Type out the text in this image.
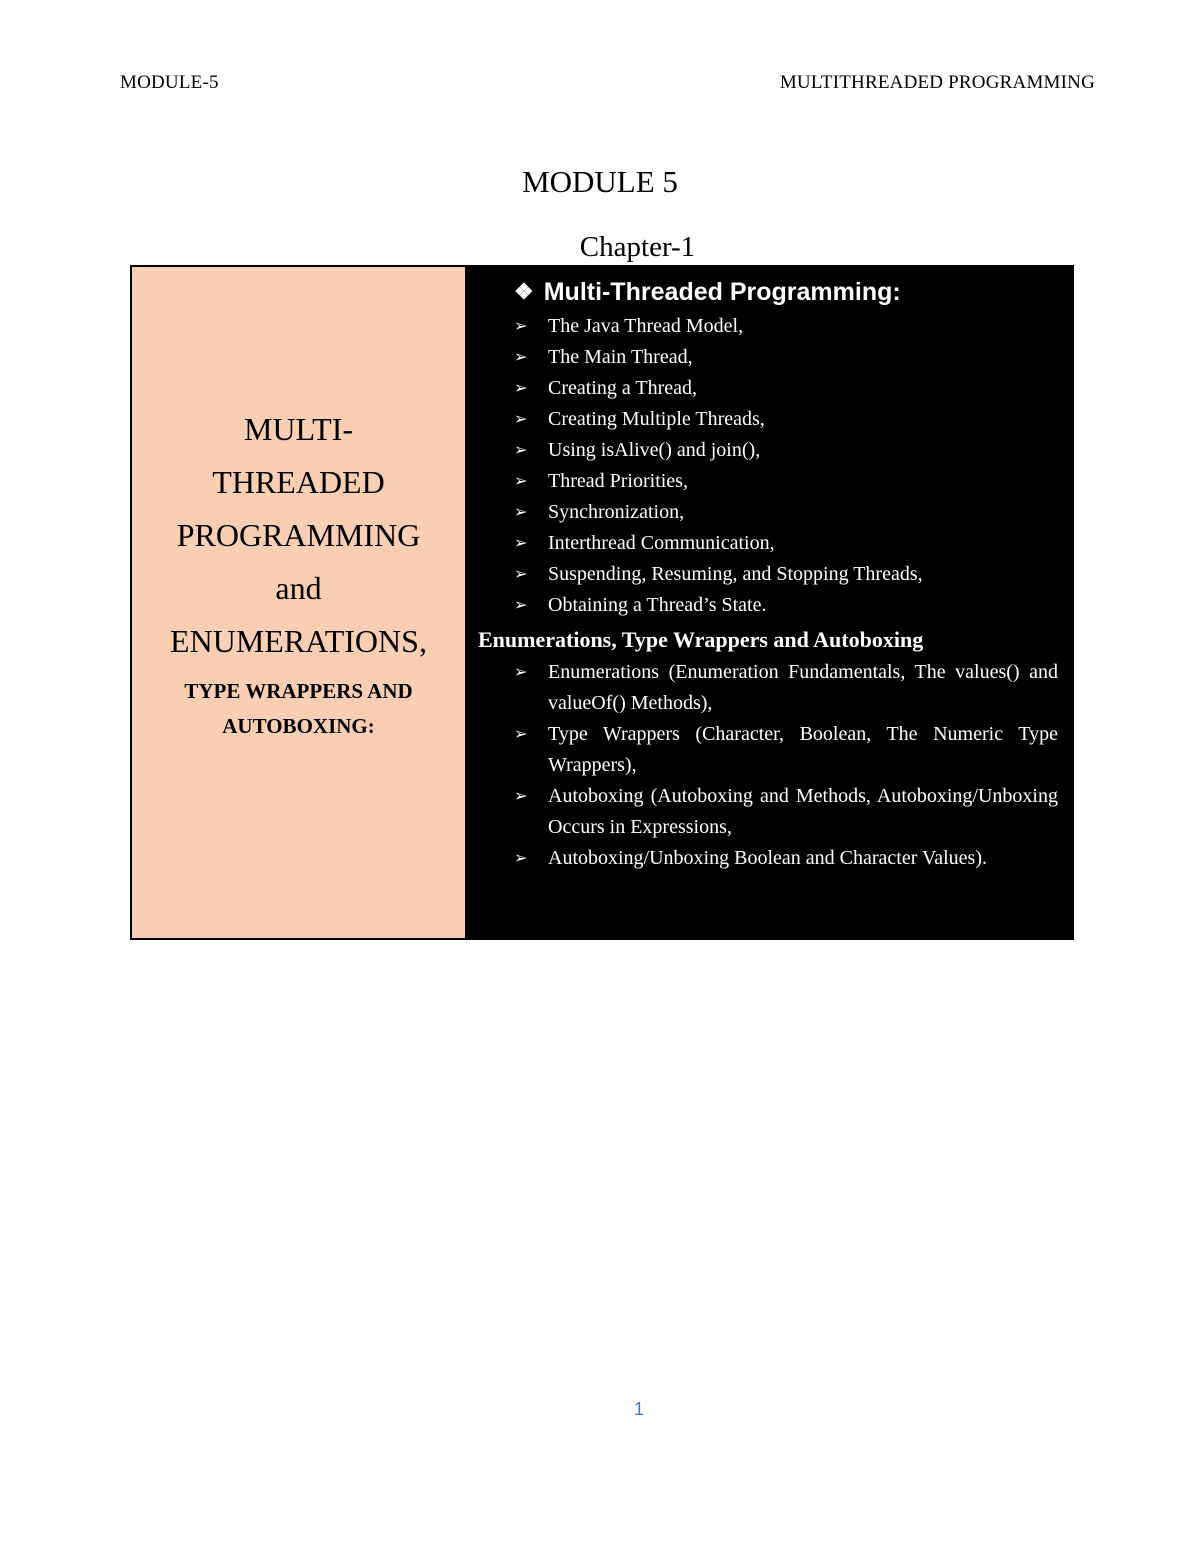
MODULE-5	MULTITHREADED PROGRAMMING
MODULE 5
Chapter-1
MULTI-
THREADED
PROGRAMMING
and
ENUMERATIONS,
TYPE WRAPPERS AND
AUTOBOXING:
❖ Multi-Threaded Programming:
➢	The Java Thread Model,
➢	The Main Thread,
➢	Creating a Thread,
➢	Creating Multiple Threads,
➢	Using isAlive() and join(),
➢	Thread Priorities,
➢	Synchronization,
➢	Interthread Communication,
➢	Suspending, Resuming, and Stopping Threads,
➢	Obtaining a Thread’s State.
Enumerations, Type Wrappers and Autoboxing
➢	Enumerations (Enumeration Fundamentals, The values() and valueOf() Methods),
➢	Type Wrappers (Character, Boolean, The Numeric Type Wrappers),
➢	Autoboxing (Autoboxing and Methods, Autoboxing/Unboxing Occurs in Expressions,
➢	Autoboxing/Unboxing Boolean and Character Values).
1
